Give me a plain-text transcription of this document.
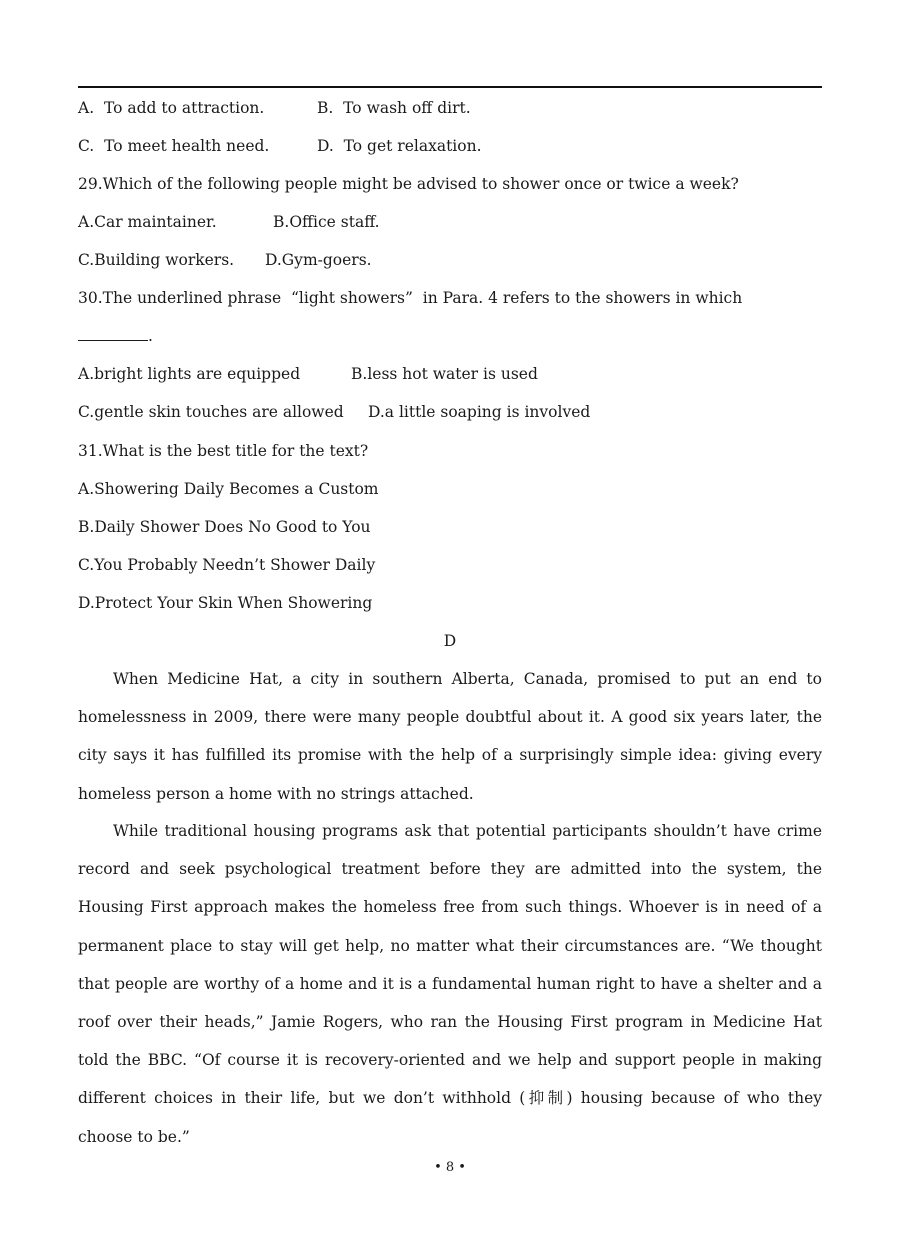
A.  To add to attraction.	B.  To wash off dirt.
C.  To meet health need.	D.  To get relaxation.
29.Which of the following people might be advised to shower once or twice a week?
A.Car maintainer.	B.Office staff.
C.Building workers. D.Gym-goers.
30.The underlined phrase  “light showers”  in Para. 4 refers to the showers in which
.
A.bright lights are equipped	B.less hot water is used
C.gentle skin touches are allowed D.a little soaping is involved
31.What is the best title for the text?
A.Showering Daily Becomes a Custom
B.Daily Shower Does No Good to You
C.You Probably Needn’t Shower Daily
D.Protect Your Skin When Showering
D
When Medicine Hat, a city in southern Alberta, Canada, promised to put an end to homelessness in 2009, there were many people doubtful about it. A good six years later, the city says it has fulfilled its promise with the help of a surprisingly simple idea: giving every homeless person a home with no strings attached.
While traditional housing programs ask that potential participants shouldn’t have crime record and seek psychological treatment before they are admitted into the system, the Housing First approach makes the homeless free from such things. Whoever is in need of a permanent place to stay will get help, no matter what their circumstances are. “We thought that people are worthy of a home and it is a fundamental human right to have a shelter and a roof over their heads,” Jamie Rogers, who ran the Housing First program in Medicine Hat told the BBC. “Of course it is recovery-oriented and we help and support people in making different choices in their life, but we don’t withhold (抑制) housing because of who they choose to be.”
• 8 •
